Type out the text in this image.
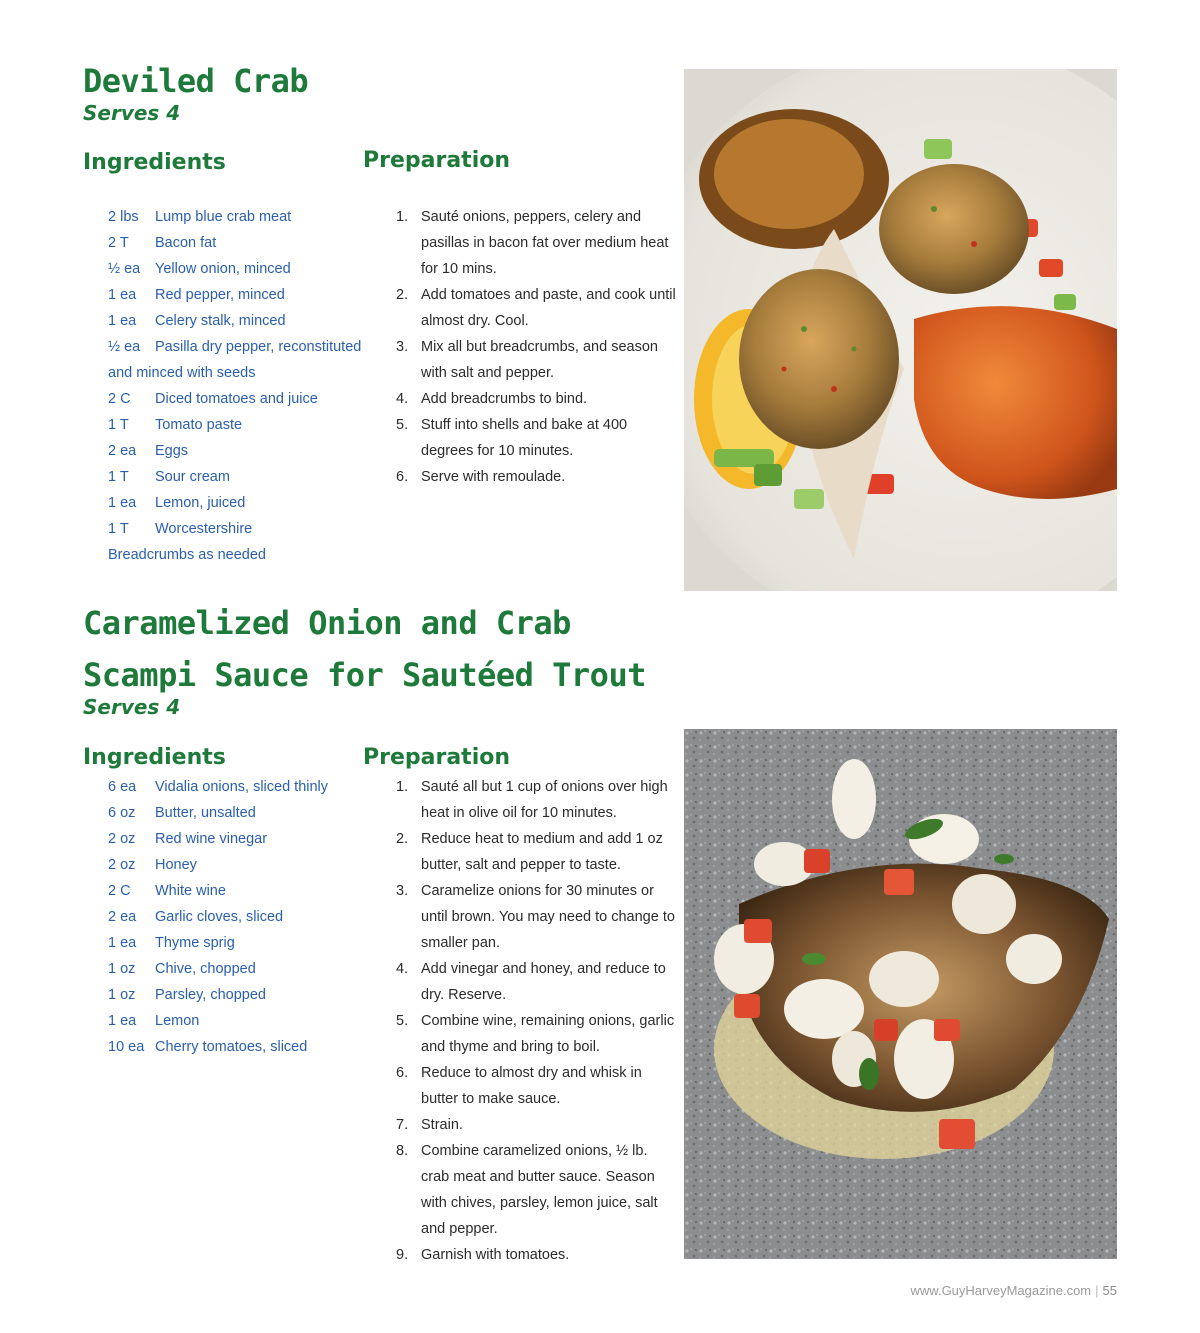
Deviled Crab
Serves 4
Ingredients	Preparation
2 lbs Lump blue crab meat
2 T Bacon fat
½ ea Yellow onion, minced
1 ea Red pepper, minced
1 ea Celery stalk, minced
½ ea Pasilla dry pepper, reconstituted
and minced with seeds
2 C Diced tomatoes and juice
1 T Tomato paste
2 ea Eggs
1 T Sour cream
1 ea Lemon, juiced
1 T Worcestershire
Breadcrumbs as needed
1. Sauté onions, peppers, celery and pasillas in bacon fat over medium heat for 10 mins.
2. Add tomatoes and paste, and cook until almost dry. Cool.
3. Mix all but breadcrumbs, and season with salt and pepper.
4. Add breadcrumbs to bind.
5. Stuff into shells and bake at 400 degrees for 10 minutes.
6. Serve with remoulade.
Caramelized Onion and Crab
Scampi Sauce for Sautéed Trout
Serves 4
Ingredients	Preparation
6 ea Vidalia onions, sliced thinly
6 oz Butter, unsalted
2 oz Red wine vinegar
2 oz Honey
2 C White wine
2 ea Garlic cloves, sliced
1 ea Thyme sprig
1 oz Chive, chopped
1 oz Parsley, chopped
1 ea Lemon
10 ea Cherry tomatoes, sliced
1. Sauté all but 1 cup of onions over high heat in olive oil for 10 minutes.
2. Reduce heat to medium and add 1 oz butter, salt and pepper to taste.
3. Caramelize onions for 30 minutes or until brown. You may need to change to smaller pan.
4. Add vinegar and honey, and reduce to dry. Reserve.
5. Combine wine, remaining onions, garlic and thyme and bring to boil.
6. Reduce to almost dry and whisk in butter to make sauce.
7. Strain.
8. Combine caramelized onions, ½ lb. crab meat and butter sauce. Season with chives, parsley, lemon juice, salt and pepper.
9. Garnish with tomatoes.
www.GuyHarveyMagazine.com | 55
